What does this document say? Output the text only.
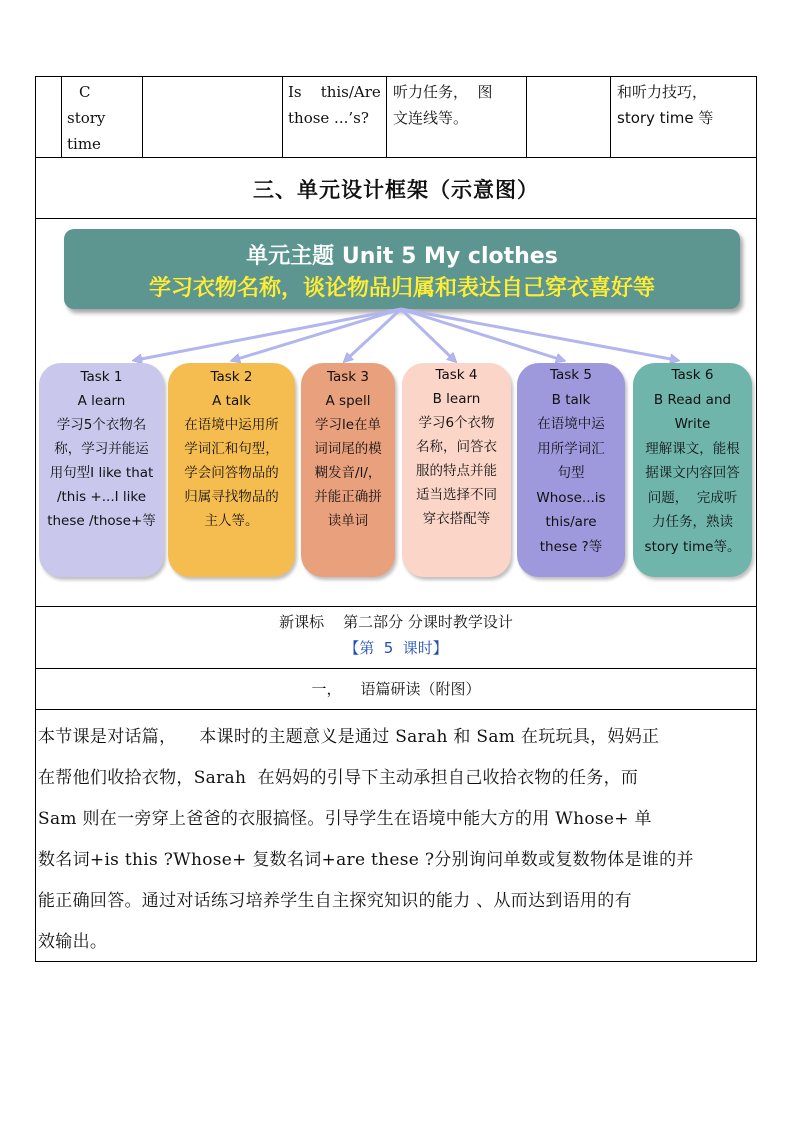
C
story
time
Is    this/Are
those ...’s?
听力任务，  图
文连线等。
和听力技巧，
story time 等
三、单元设计框架（示意图）
单元主题 Unit 5 My clothes
学习衣物名称，谈论物品归属和表达自己穿衣喜好等
Task 1
A learn
学习5个衣物名
称，学习并能运
用句型I like that
/this +...I like
these /those+等
Task 2
A talk
在语境中运用所
学词汇和句型，
学会问答物品的
归属寻找物品的
主人等。
Task 3
A spell
学习le在单
词词尾的模
糊发音/l/，
并能正确拼
读单词
Task 4
B learn
学习6个衣物
名称，问答衣
服的特点并能
适当选择不同
穿衣搭配等
Task 5
B talk
在语境中运
用所学词汇
句型
Whose...is
this/are
these ?等
Task 6
B Read and
Write
理解课文，能根
据课文内容回答
问题，  完成听
力任务，熟读
story time等。
新课标    第二部分 分课时教学设计
【第  5  课时】
一，    语篇研读（附图）
本节课是对话篇，    本课时的主题意义是通过 Sarah 和 Sam 在玩玩具，妈妈正
在帮他们收拾衣物，Sarah  在妈妈的引导下主动承担自己收拾衣物的任务，而
Sam 则在一旁穿上爸爸的衣服搞怪。引导学生在语境中能大方的用 Whose+ 单
数名词+is this ?Whose+ 复数名词+are these ?分别询问单数或复数物体是谁的并
能正确回答。通过对话练习培养学生自主探究知识的能力 、从而达到语用的有
效输出。
